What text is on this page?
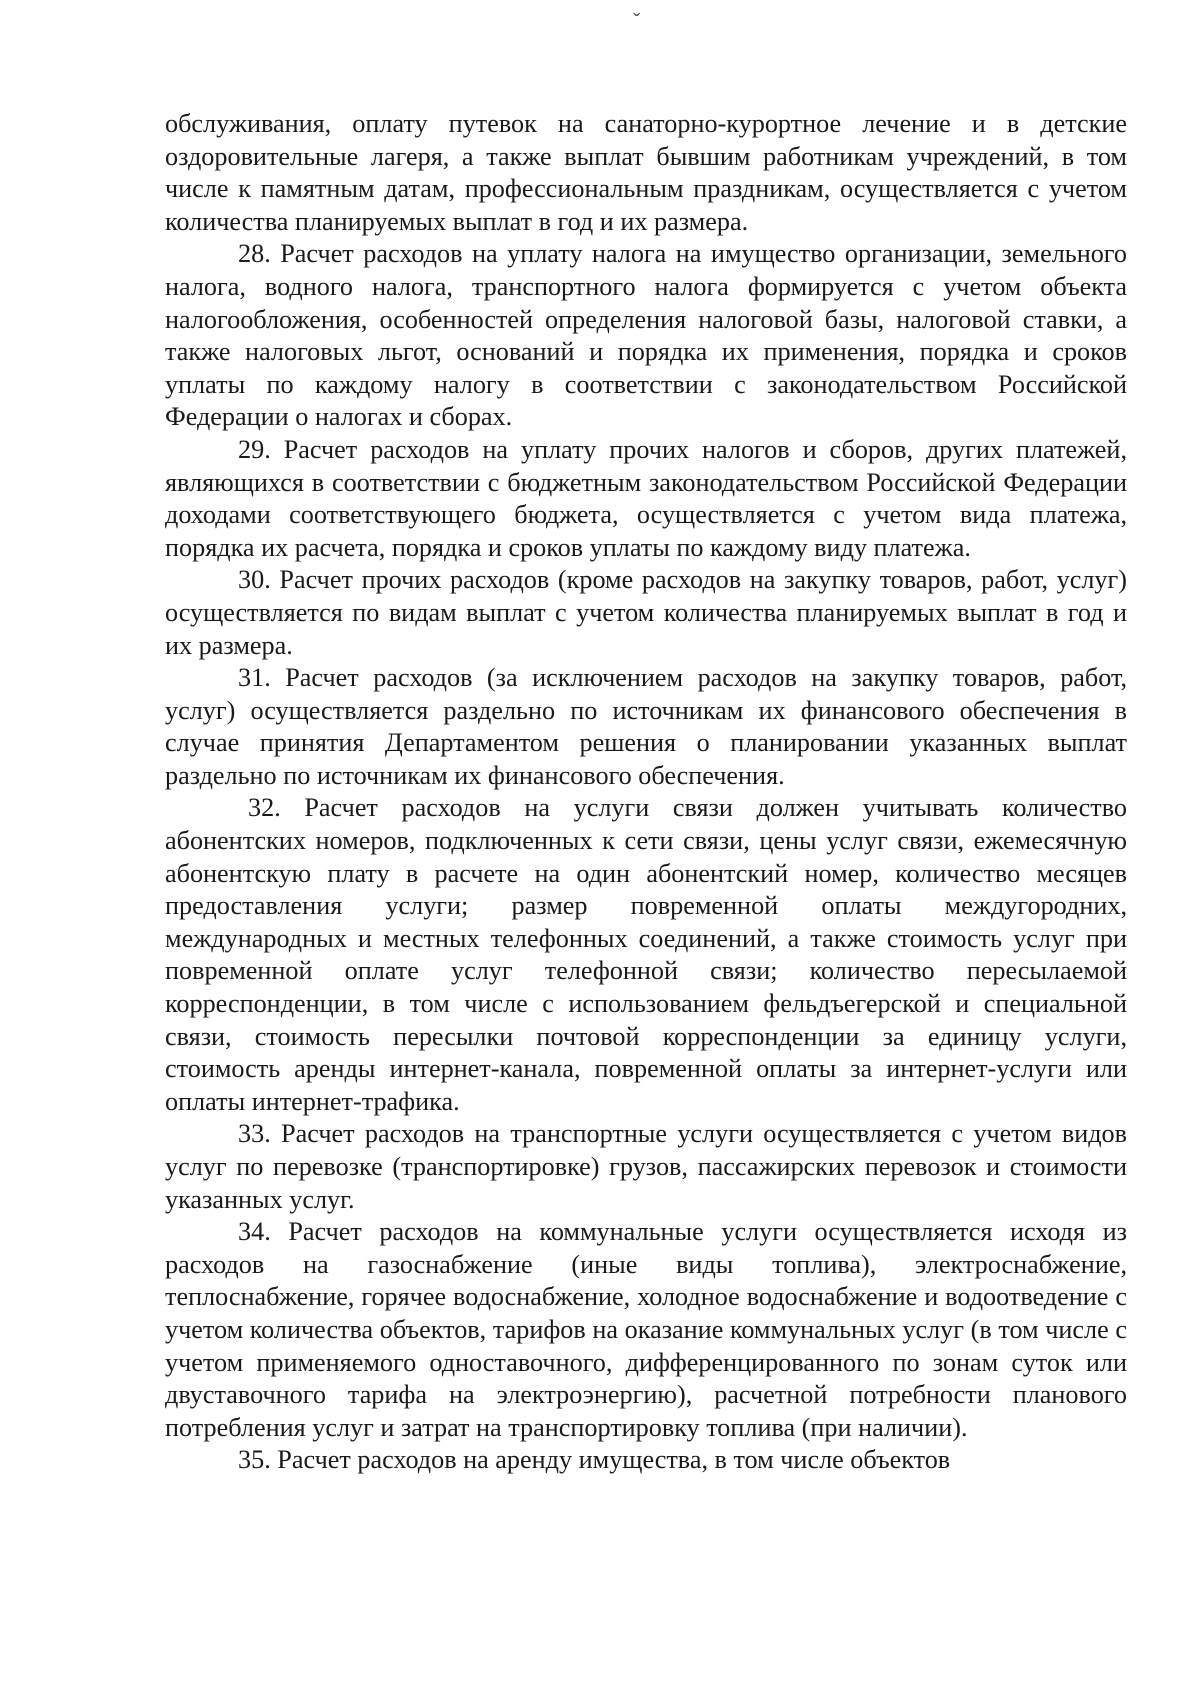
ˇ

обслуживания, оплату путевок на санаторно-курортное лечение и в детские оздоровительные лагеря, а также выплат бывшим работникам учреждений, в том числе к памятным датам, профессиональным праздникам, осуществляется с учетом количества планируемых выплат в год и их размера.

28. Расчет расходов на уплату налога на имущество организации, земельного налога, водного налога, транспортного налога формируется с учетом объекта налогообложения, особенностей определения налоговой базы, налоговой ставки, а также налоговых льгот, оснований и порядка их применения, порядка и сроков уплаты по каждому налогу в соответствии с законодательством Российской Федерации о налогах и сборах.

29. Расчет расходов на уплату прочих налогов и сборов, других платежей, являющихся в соответствии с бюджетным законодательством Российской Федерации доходами соответствующего бюджета, осуществляется с учетом вида платежа, порядка их расчета, порядка и сроков уплаты по каждому виду платежа.

30. Расчет прочих расходов (кроме расходов на закупку товаров, работ, услуг) осуществляется по видам выплат с учетом количества планируемых выплат в год и их размера.

31. Расчет расходов (за исключением расходов на закупку товаров, работ, услуг) осуществляется раздельно по источникам их финансового обеспечения в случае принятия Департаментом решения о планировании указанных выплат раздельно по источникам их финансового обеспечения.

32. Расчет расходов на услуги связи должен учитывать количество абонентских номеров, подключенных к сети связи, цены услуг связи, ежемесячную абонентскую плату в расчете на один абонентский номер, количество месяцев предоставления услуги; размер повременной оплаты междугородних, международных и местных телефонных соединений, а также стоимость услуг при повременной оплате услуг телефонной связи; количество пересылаемой корреспонденции, в том числе с использованием фельдъегерской и специальной связи, стоимость пересылки почтовой корреспонденции за единицу услуги, стоимость аренды интернет-канала, повременной оплаты за интернет-услуги или оплаты интернет-трафика.

33. Расчет расходов на транспортные услуги осуществляется с учетом видов услуг по перевозке (транспортировке) грузов, пассажирских перевозок и стоимости указанных услуг.

34. Расчет расходов на коммунальные услуги осуществляется исходя из расходов на газоснабжение (иные виды топлива), электроснабжение, теплоснабжение, горячее водоснабжение, холодное водоснабжение и водоотведение с учетом количества объектов, тарифов на оказание коммунальных услуг (в том числе с учетом применяемого одноставочного, дифференцированного по зонам суток или двуставочного тарифа на электроэнергию), расчетной потребности планового потребления услуг и затрат на транспортировку топлива (при наличии).

35. Расчет расходов на аренду имущества, в том числе объектов
